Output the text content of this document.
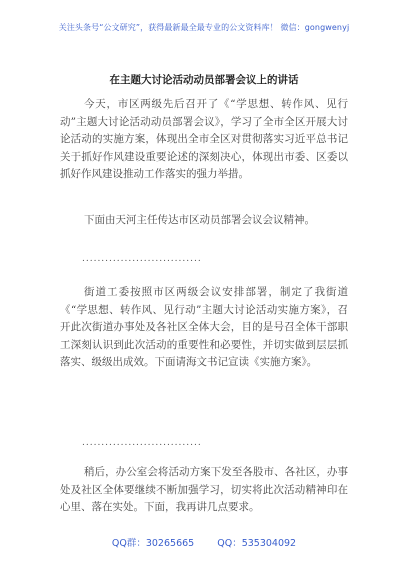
关注头条号“公文研究”，获得最新最全最专业的公文资料库！ 微信：gongwenyj
在主题大讨论活动动员部署会议上的讲话
今天，市区两级先后召开了《“学思想、转作风、见行动”主题大讨论活动动员部署会议》，学习了全市全区开展大讨论活动的实施方案，体现出全市全区对贯彻落实习近平总书记关于抓好作风建设重要论述的深刻决心，体现出市委、区委以抓好作风建设推动工作落实的强力举措。
下面由天河主任传达市区动员部署会议会议精神。
...............................
街道工委按照市区两级会议安排部署，制定了我街道《“学思想、转作风、见行动”主题大讨论活动实施方案》，召开此次街道办事处及各社区全体大会，目的是号召全体干部职工深刻认识到此次活动的重要性和必要性，并切实做到层层抓落实、级级出成效。下面请海文书记宣读《实施方案》。
...............................
稍后，办公室会将活动方案下发至各股市、各社区，办事处及社区全体要继续不断加强学习，切实将此次活动精神印在心里、落在实处。下面，我再讲几点要求。
QQ群：30265665 QQ：535304092
